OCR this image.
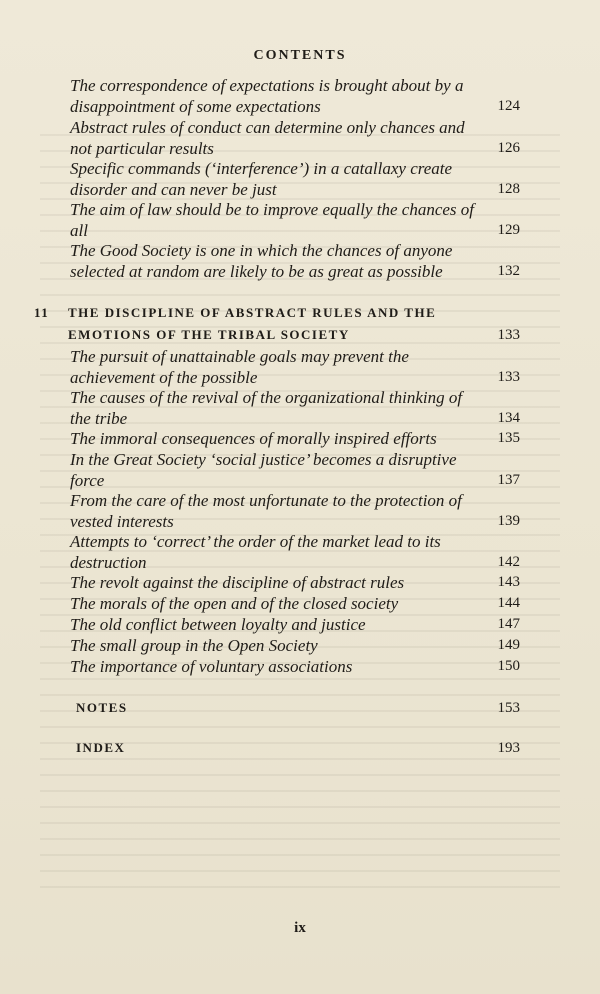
CONTENTS
The correspondence of expectations is brought about by a disappointment of some expectations	124
Abstract rules of conduct can determine only chances and not particular results	126
Specific commands (‘interference’) in a catallaxy create disorder and can never be just	128
The aim of law should be to improve equally the chances of all	129
The Good Society is one in which the chances of anyone selected at random are likely to be as great as possible	132
11 THE DISCIPLINE OF ABSTRACT RULES AND THE EMOTIONS OF THE TRIBAL SOCIETY	133
The pursuit of unattainable goals may prevent the achievement of the possible	133
The causes of the revival of the organizational thinking of the tribe	134
The immoral consequences of morally inspired efforts	135
In the Great Society ‘social justice’ becomes a disruptive force	137
From the care of the most unfortunate to the protection of vested interests	139
Attempts to ‘correct’ the order of the market lead to its destruction	142
The revolt against the discipline of abstract rules	143
The morals of the open and of the closed society	144
The old conflict between loyalty and justice	147
The small group in the Open Society	149
The importance of voluntary associations	150
NOTES	153
INDEX	193
ix
